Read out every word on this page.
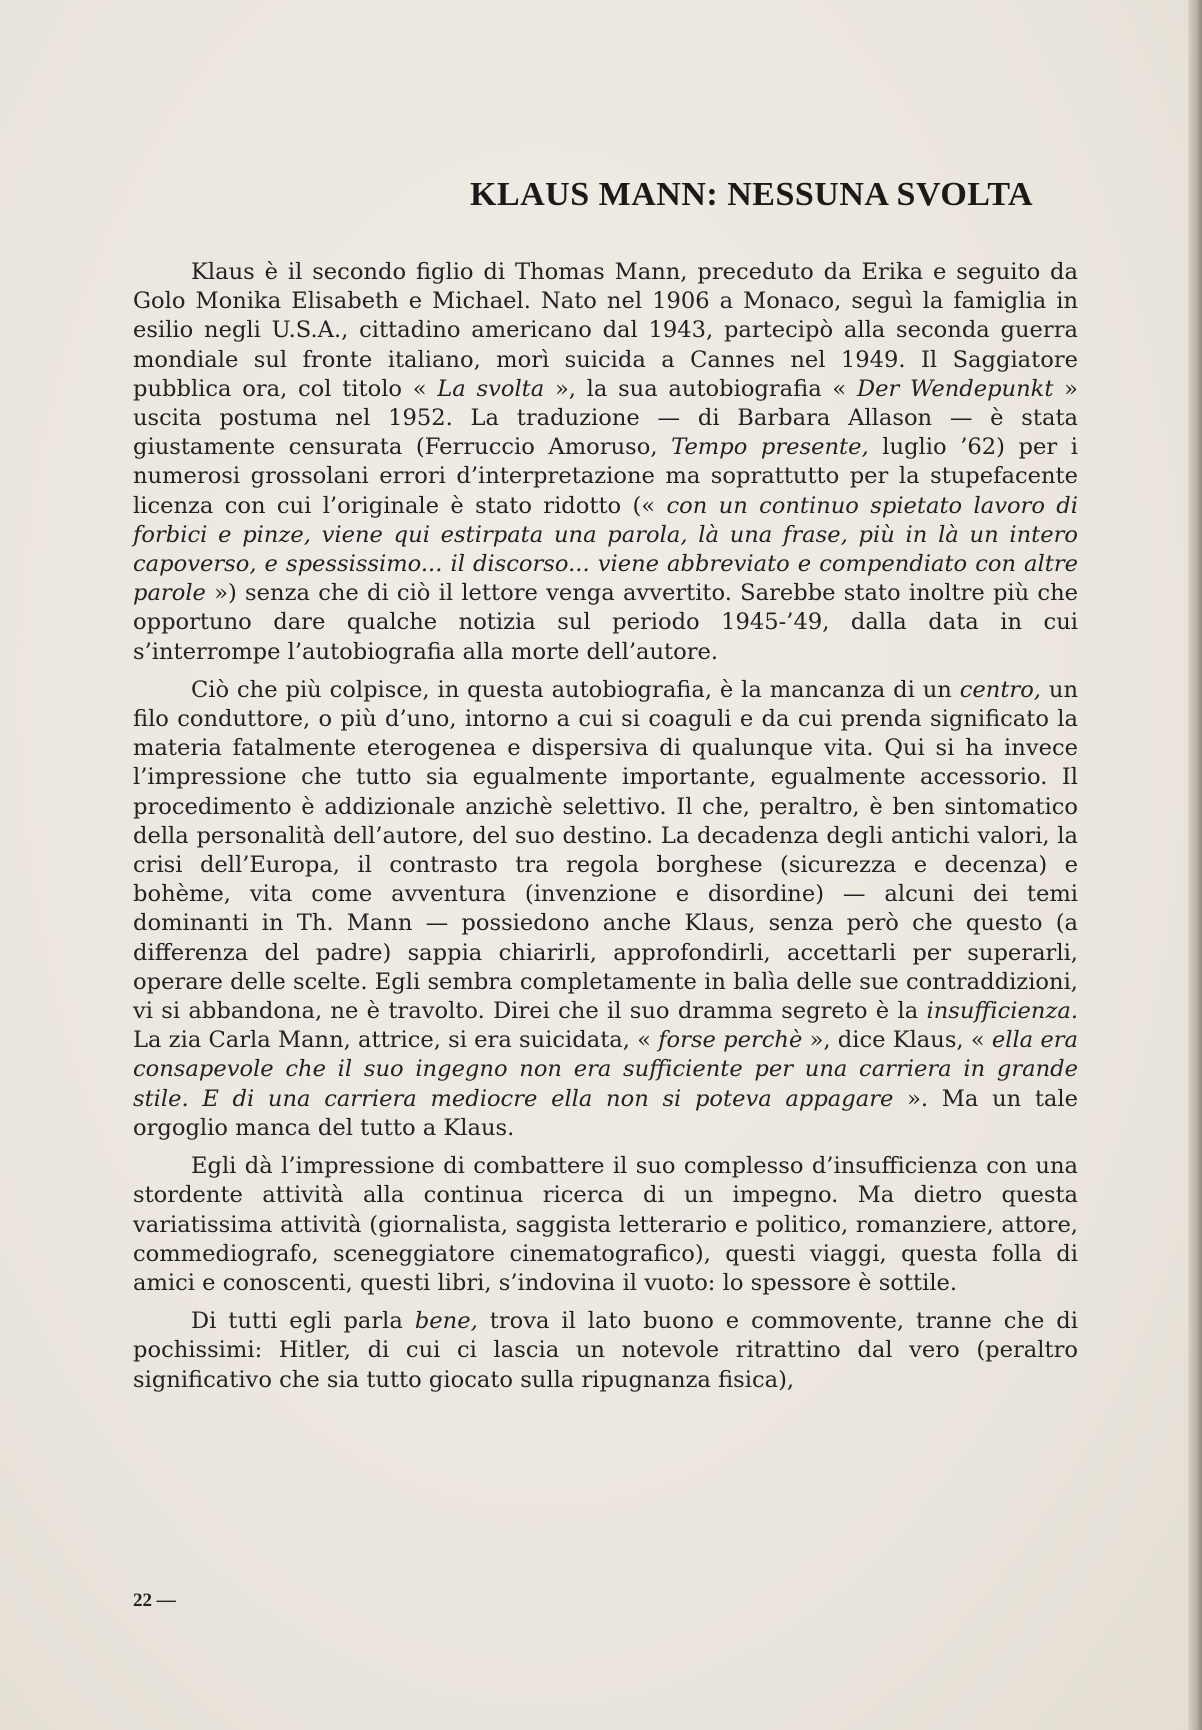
KLAUS MANN: NESSUNA SVOLTA

Klaus è il secondo figlio di Thomas Mann, preceduto da Erika e seguito da Golo Monika Elisabeth e Michael. Nato nel 1906 a Monaco, seguì la famiglia in esilio negli U.S.A., cittadino americano dal 1943, partecipò alla seconda guerra mondiale sul fronte italiano, morì suicida a Cannes nel 1949. Il Saggiatore pubblica ora, col titolo « La svolta », la sua autobiografia « Der Wendepunkt » uscita postuma nel 1952. La traduzione — di Barbara Allason — è stata giustamente censurata (Ferruccio Amoruso, Tempo presente, luglio ’62) per i numerosi grossolani errori d’interpretazione ma soprattutto per la stupefacente licenza con cui l’originale è stato ridotto (« con un continuo spietato lavoro di forbici e pinze, viene qui estirpata una parola, là una frase, più in là un intero capoverso, e spessissimo... il discorso... viene abbreviato e compendiato con altre parole ») senza che di ciò il lettore venga avvertito. Sarebbe stato inoltre più che opportuno dare qualche notizia sul periodo 1945-’49, dalla data in cui s’interrompe l’autobiografia alla morte dell’autore.

Ciò che più colpisce, in questa autobiografia, è la mancanza di un centro, un filo conduttore, o più d’uno, intorno a cui si coaguli e da cui prenda significato la materia fatalmente eterogenea e dispersiva di qualunque vita. Qui si ha invece l’impressione che tutto sia egualmente importante, egualmente accessorio. Il procedimento è addizionale anzichè selettivo. Il che, peraltro, è ben sintomatico della personalità dell’autore, del suo destino. La decadenza degli antichi valori, la crisi dell’Europa, il contrasto tra regola borghese (sicurezza e decenza) e bohème, vita come avventura (invenzione e disordine) — alcuni dei temi dominanti in Th. Mann — possiedono anche Klaus, senza però che questo (a differenza del padre) sappia chiarirli, approfondirli, accettarli per superarli, operare delle scelte. Egli sembra completamente in balìa delle sue contraddizioni, vi si abbandona, ne è travolto. Direi che il suo dramma segreto è la insufficienza. La zia Carla Mann, attrice, si era suicidata, « forse perchè », dice Klaus, « ella era consapevole che il suo ingegno non era sufficiente per una carriera in grande stile. E di una carriera mediocre ella non si poteva appagare ». Ma un tale orgoglio manca del tutto a Klaus.

Egli dà l’impressione di combattere il suo complesso d’insufficienza con una stordente attività alla continua ricerca di un impegno. Ma dietro questa variatissima attività (giornalista, saggista letterario e politico, romanziere, attore, commediografo, sceneggiatore cinematografico), questi viaggi, questa folla di amici e conoscenti, questi libri, s’indovina il vuoto: lo spessore è sottile.

Di tutti egli parla bene, trova il lato buono e commovente, tranne che di pochissimi: Hitler, di cui ci lascia un notevole ritrattino dal vero (peraltro significativo che sia tutto giocato sulla ripugnanza fisica),

22 —
